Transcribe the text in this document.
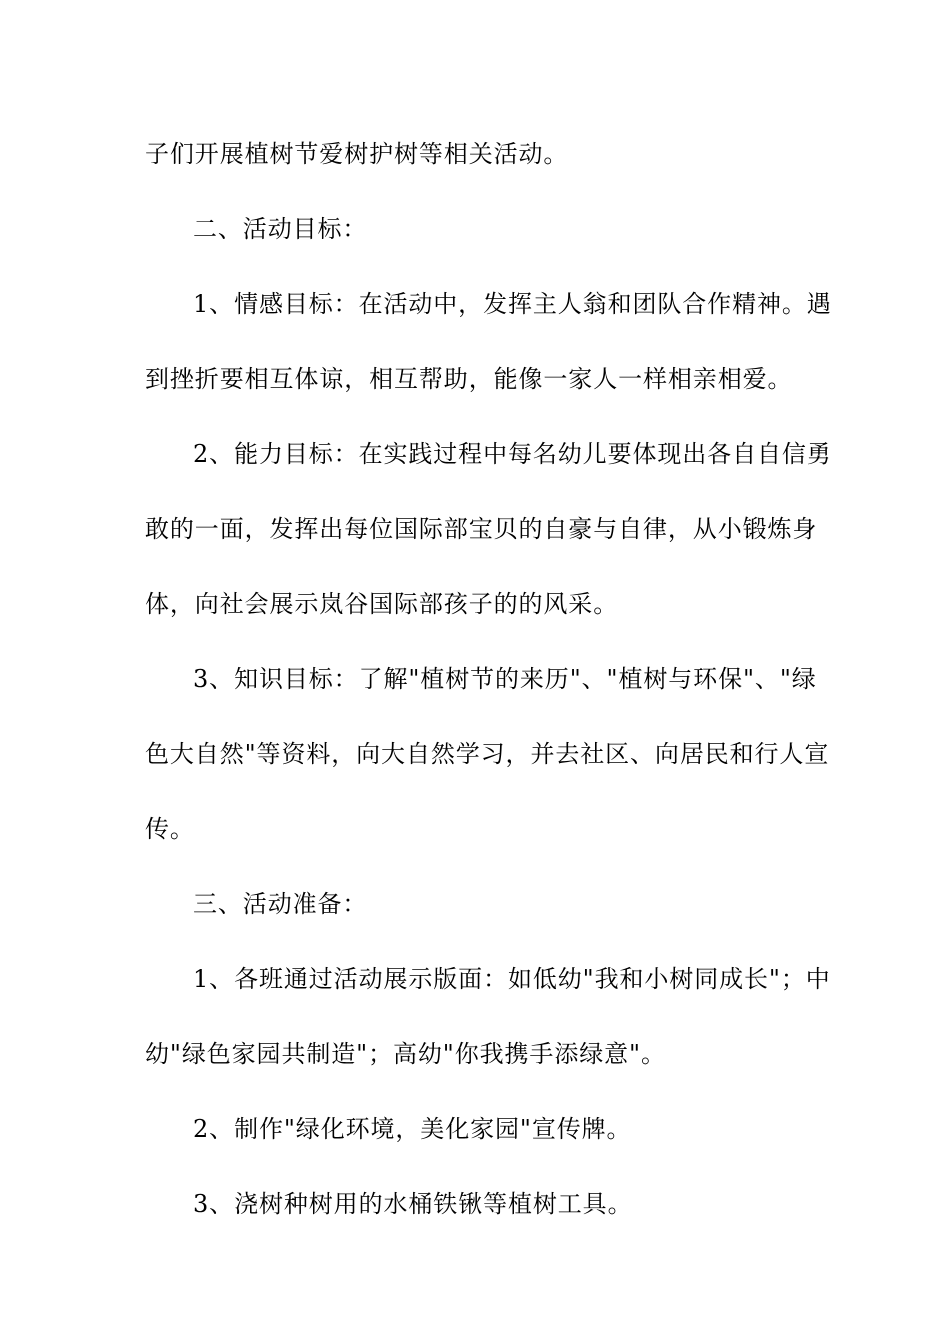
子们开展植树节爱树护树等相关活动。
二、活动目标：
1、情感目标：在活动中，发挥主人翁和团队合作精神。遇
到挫折要相互体谅，相互帮助，能像一家人一样相亲相爱。
2、能力目标：在实践过程中每名幼儿要体现出各自自信勇
敢的一面，发挥出每位国际部宝贝的自豪与自律，从小锻炼身
体，向社会展示岚谷国际部孩子的的风采。
3、知识目标：了解"植树节的来历"、"植树与环保"、"绿
色大自然"等资料，向大自然学习，并去社区、向居民和行人宣
传。
三、活动准备：
1、各班通过活动展示版面：如低幼"我和小树同成长"；中
幼"绿色家园共制造"；高幼"你我携手添绿意"。
2、制作"绿化环境，美化家园"宣传牌。
3、浇树种树用的水桶铁锹等植树工具。
